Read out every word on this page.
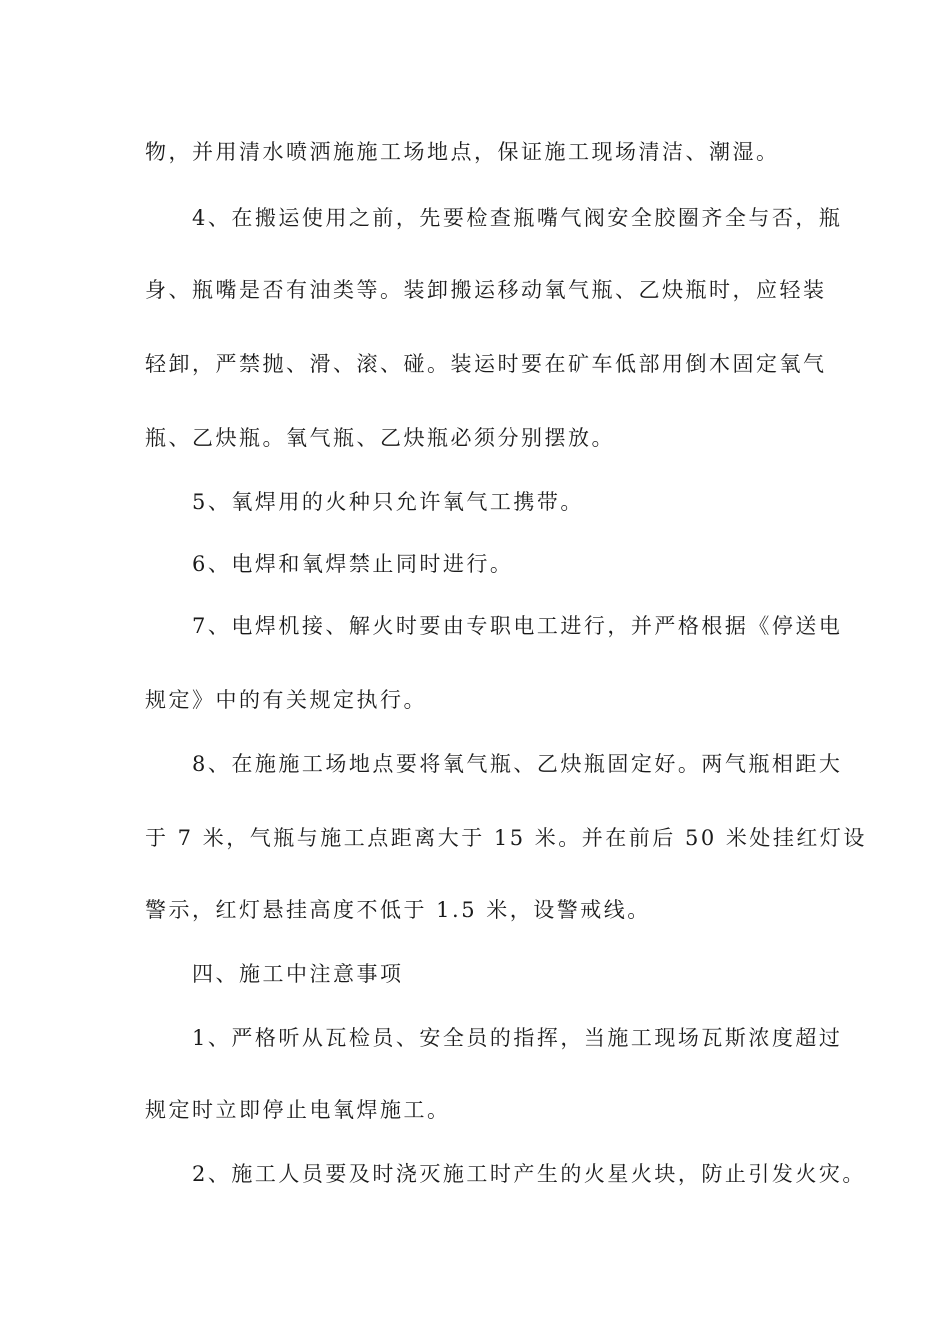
物，并用清水喷洒施施工场地点，保证施工现场清洁、潮湿。
4、在搬运使用之前，先要检查瓶嘴气阀安全胶圈齐全与否，瓶
身、瓶嘴是否有油类等。装卸搬运移动氧气瓶、乙炔瓶时，应轻装
轻卸，严禁抛、滑、滚、碰。装运时要在矿车低部用倒木固定氧气
瓶、乙炔瓶。氧气瓶、乙炔瓶必须分别摆放。
5、氧焊用的火种只允许氧气工携带。
6、电焊和氧焊禁止同时进行。
7、电焊机接、解火时要由专职电工进行，并严格根据《停送电
规定》中的有关规定执行。
8、在施施工场地点要将氧气瓶、乙炔瓶固定好。两气瓶相距大
于 7 米，气瓶与施工点距离大于 15 米。并在前后 50 米处挂红灯设
警示，红灯悬挂高度不低于 1.5 米，设警戒线。
四、施工中注意事项
1、严格听从瓦检员、安全员的指挥，当施工现场瓦斯浓度超过
规定时立即停止电氧焊施工。
2、施工人员要及时浇灭施工时产生的火星火块，防止引发火灾。
